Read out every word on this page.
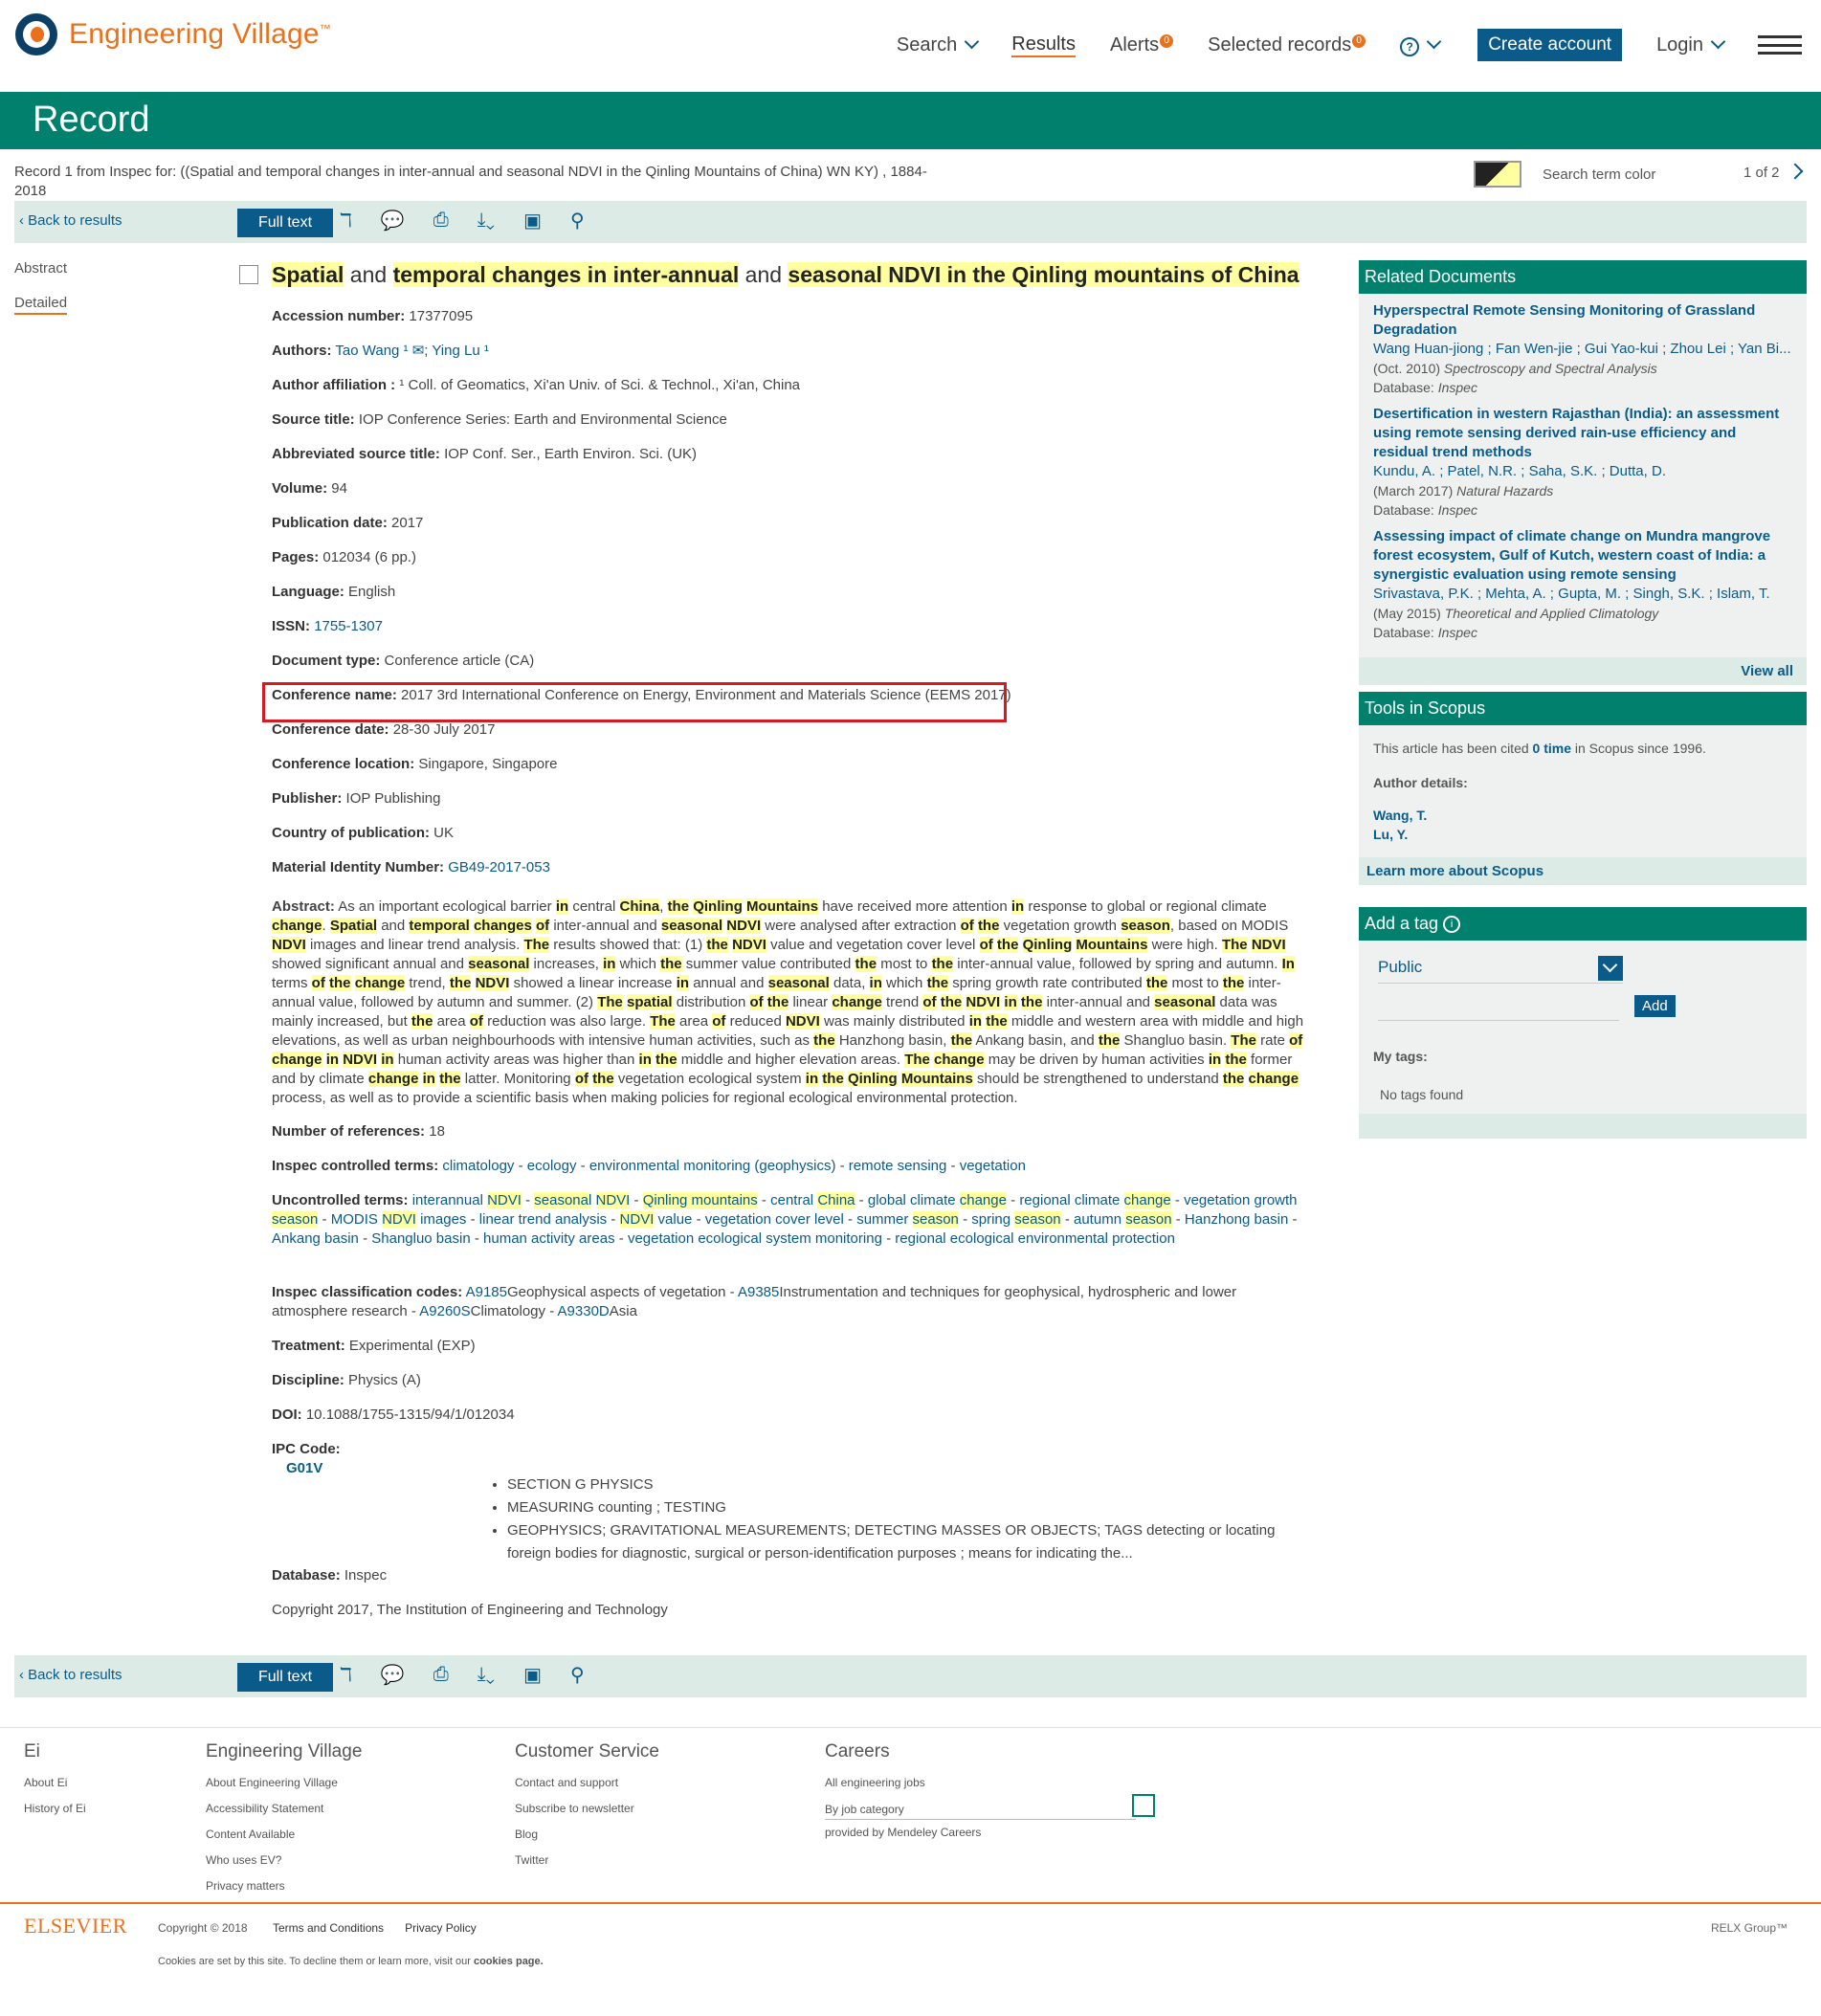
Engineering Village™
Search	Results Alerts 0 Selected records 0	?	Create account	Login
Record
Record 1 from Inspec for: ((Spatial and temporal changes in inter-annual and seasonal NDVI in the Qinling Mountains of China) WN KY) , 1884-2018
Search term color	1 of 2
‹ Back to results	Full text	ℸ 💬 ⎙ ⤓⌄ ▣ ⚲
Abstract
Detailed
Spatial and temporal changes in inter-annual and seasonal NDVI in the Qinling mountains of China
Accession number: 17377095
Authors: Tao Wang ¹ ✉; Ying Lu ¹
Author affiliation : ¹ Coll. of Geomatics, Xi'an Univ. of Sci. & Technol., Xi'an, China
Source title: IOP Conference Series: Earth and Environmental Science
Abbreviated source title: IOP Conf. Ser., Earth Environ. Sci. (UK)
Volume: 94
Publication date: 2017
Pages: 012034 (6 pp.)
Language: English
ISSN: 1755-1307
Document type: Conference article (CA)
Conference name: 2017 3rd International Conference on Energy, Environment and Materials Science (EEMS 2017)
Conference date: 28-30 July 2017
Conference location: Singapore, Singapore
Publisher: IOP Publishing
Country of publication: UK
Material Identity Number: GB49-2017-053
Abstract: As an important ecological barrier in central China, the Qinling Mountains have received more attention in response to global or regional climate change. Spatial and temporal changes of inter-annual and seasonal NDVI were analysed after extraction of the vegetation growth season, based on MODIS NDVI images and linear trend analysis. The results showed that: (1) the NDVI value and vegetation cover level of the Qinling Mountains were high. The NDVI showed significant annual and seasonal increases, in which the summer value contributed the most to the inter-annual value, followed by spring and autumn. In terms of the change trend, the NDVI showed a linear increase in annual and seasonal data, in which the spring growth rate contributed the most to the inter-annual value, followed by autumn and summer. (2) The spatial distribution of the linear change trend of the NDVI in the inter-annual and seasonal data was mainly increased, but the area of reduction was also large. The area of reduced NDVI was mainly distributed in the middle and western area with middle and high elevations, as well as urban neighbourhoods with intensive human activities, such as the Hanzhong basin, the Ankang basin, and the Shangluo basin. The rate of change in NDVI in human activity areas was higher than in the middle and higher elevation areas. The change may be driven by human activities in the former and by climate change in the latter. Monitoring of the vegetation ecological system in the Qinling Mountains should be strengthened to understand the change process, as well as to provide a scientific basis when making policies for regional ecological environmental protection.
Number of references: 18
Inspec controlled terms: climatology - ecology - environmental monitoring (geophysics) - remote sensing - vegetation
Uncontrolled terms: interannual NDVI - seasonal NDVI - Qinling mountains - central China - global climate change - regional climate change - vegetation growth season - MODIS NDVI images - linear trend analysis - NDVI value - vegetation cover level - summer season - spring season - autumn season - Hanzhong basin - Ankang basin - Shangluo basin - human activity areas - vegetation ecological system monitoring - regional ecological environmental protection
Inspec classification codes: A9185Geophysical aspects of vegetation - A9385Instrumentation and techniques for geophysical, hydrospheric and lower atmosphere research - A9260SClimatology - A9330DAsia
Treatment: Experimental (EXP)
Discipline: Physics (A)
DOI: 10.1088/1755-1315/94/1/012034
IPC Code:
G01V
• SECTION G PHYSICS
• MEASURING counting ; TESTING
• GEOPHYSICS; GRAVITATIONAL MEASUREMENTS; DETECTING MASSES OR OBJECTS; TAGS detecting or locating foreign bodies for diagnostic, surgical or person-identification purposes ; means for indicating the...
Database: Inspec
Copyright 2017, The Institution of Engineering and Technology
‹ Back to results	Full text	ℸ 💬 ⎙ ⤓⌄ ▣ ⚲
Related Documents
Hyperspectral Remote Sensing Monitoring of Grassland Degradation
Wang Huan-jiong ; Fan Wen-jie ; Gui Yao-kui ; Zhou Lei ; Yan Bi...
(Oct. 2010) Spectroscopy and Spectral Analysis
Database: Inspec
Desertification in western Rajasthan (India): an assessment using remote sensing derived rain-use efficiency and residual trend methods
Kundu, A. ; Patel, N.R. ; Saha, S.K. ; Dutta, D.
(March 2017) Natural Hazards
Database: Inspec
Assessing impact of climate change on Mundra mangrove forest ecosystem, Gulf of Kutch, western coast of India: a synergistic evaluation using remote sensing
Srivastava, P.K. ; Mehta, A. ; Gupta, M. ; Singh, S.K. ; Islam, T.
(May 2015) Theoretical and Applied Climatology
Database: Inspec
View all
Tools in Scopus
This article has been cited 0 time in Scopus since 1996.
Author details:
Wang, T.
Lu, Y.
Learn more about Scopus
Add a tag i
My tags:
No tags found
Public
Add
Ei
About Ei
History of Ei
Engineering Village
About Engineering Village
Accessibility Statement
Content Available
Who uses EV?
Privacy matters
Customer Service
Contact and support
Subscribe to newsletter
Blog
Twitter
Careers
All engineering jobs
By job category
provided by Mendeley Careers
ELSEVIER	Copyright © 2018 Terms and Conditions Privacy Policy
Cookies are set by this site. To decline them or learn more, visit our cookies page.
RELX Group™
